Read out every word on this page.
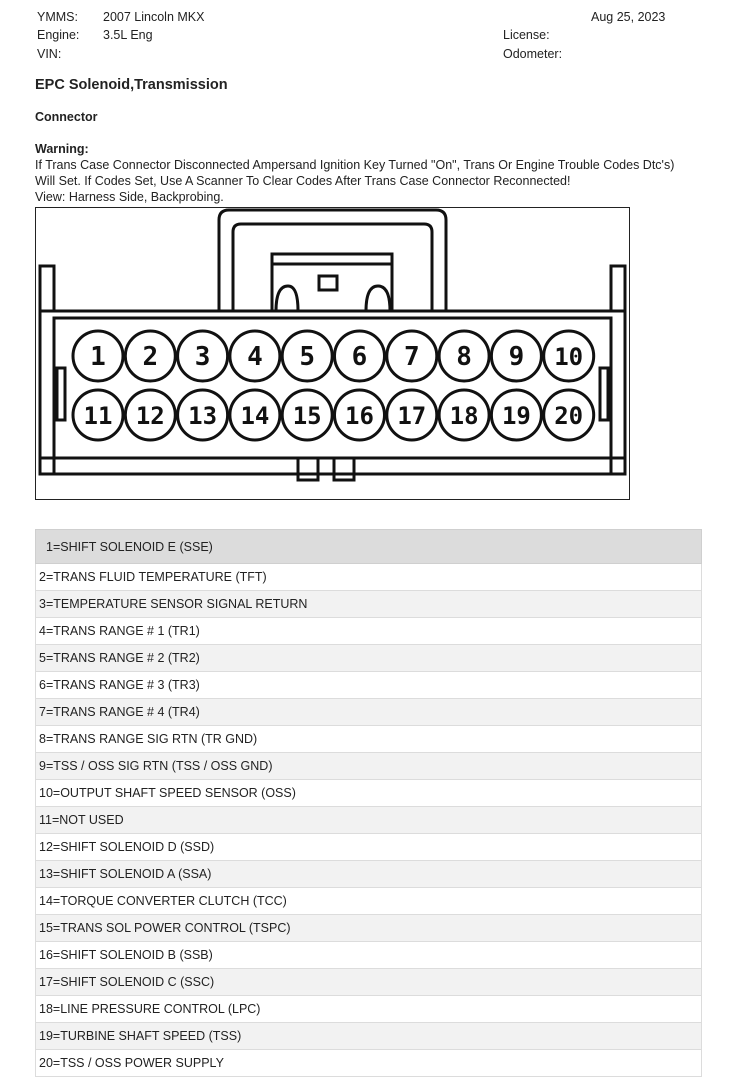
YMMS: 2007 Lincoln MKX
Engine: 3.5L Eng
VIN:
Aug 25, 2023
License:
Odometer:
EPC Solenoid,Transmission
Connector
Warning:
If Trans Case Connector Disconnected Ampersand Ignition Key Turned "On", Trans Or Engine Trouble Codes Dtc's)
Will Set. If Codes Set, Use A Scanner To Clear Codes After Trans Case Connector Reconnected!
View: Harness Side, Backprobing.
1 2 3 4 5 6 7 8 9 10
11 12 13 14 15 16 17 18 19 20
1=SHIFT SOLENOID E (SSE)
2=TRANS FLUID TEMPERATURE (TFT)
3=TEMPERATURE SENSOR SIGNAL RETURN
4=TRANS RANGE # 1 (TR1)
5=TRANS RANGE # 2 (TR2)
6=TRANS RANGE # 3 (TR3)
7=TRANS RANGE # 4 (TR4)
8=TRANS RANGE SIG RTN (TR GND)
9=TSS / OSS SIG RTN (TSS / OSS GND)
10=OUTPUT SHAFT SPEED SENSOR (OSS)
11=NOT USED
12=SHIFT SOLENOID D (SSD)
13=SHIFT SOLENOID A (SSA)
14=TORQUE CONVERTER CLUTCH (TCC)
15=TRANS SOL POWER CONTROL (TSPC)
16=SHIFT SOLENOID B (SSB)
17=SHIFT SOLENOID C (SSC)
18=LINE PRESSURE CONTROL (LPC)
19=TURBINE SHAFT SPEED (TSS)
20=TSS / OSS POWER SUPPLY
